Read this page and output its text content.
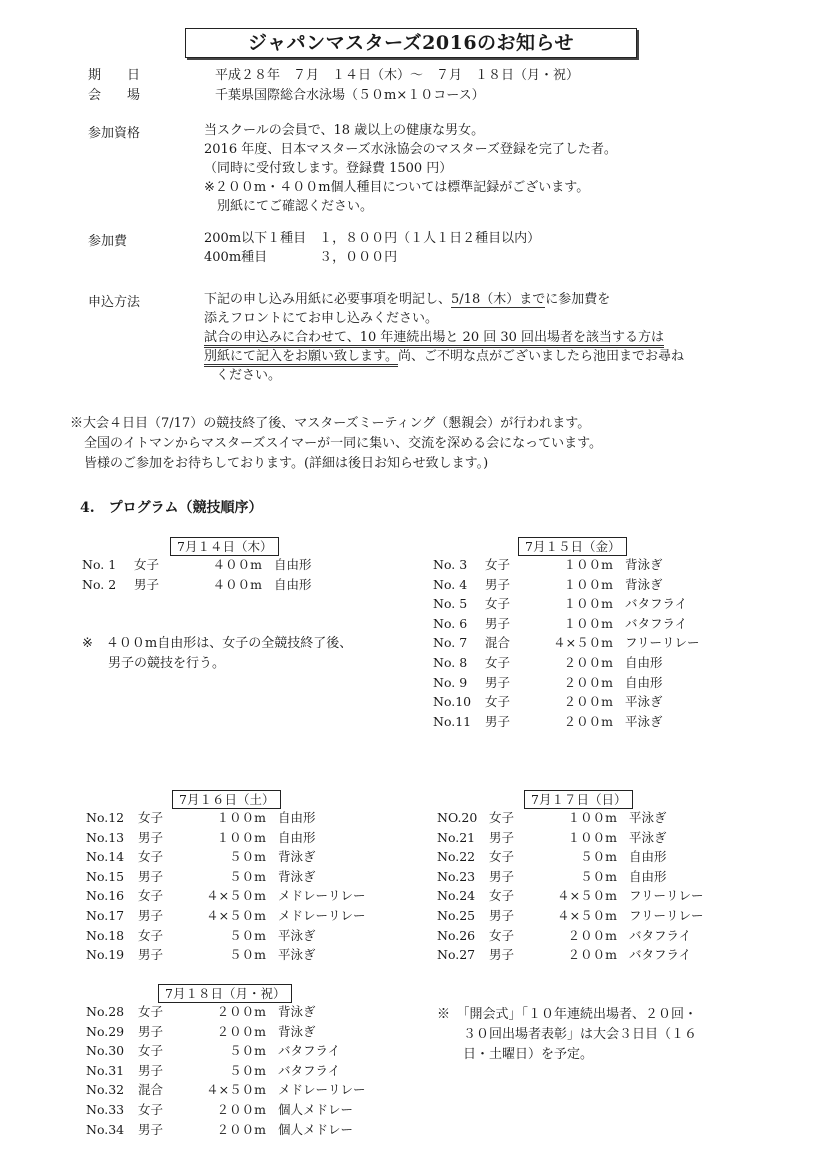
ジャパンマスターズ2016のお知らせ
期　　日	平成２８年　７月　１４日（木）～　７月　１８日（月・祝）
会　　場	千葉県国際総合水泳場（５０m×１０コース）
参加資格	当スクールの会員で、18 歳以上の健康な男女。
2016 年度、日本マスターズ水泳協会のマスターズ登録を完了した者。
（同時に受付致します。登録費 1500 円）
※２００m・４００m個人種目については標準記録がございます。
　別紙にてご確認ください。
参加費	200m以下１種目　１，８００円（１人１日２種目以内）
400m種目　　　　３，０００円
申込方法	下記の申し込み用紙に必要事項を明記し、5/18（木）までに参加費を
添えフロントにてお申し込みください。
試合の申込みに合わせて、10 年連続出場と 20 回 30 回出場者を該当する方は
別紙にて記入をお願い致します。尚、ご不明な点がございましたら池田までお尋ね
ください。
※大会４日目（7/17）の競技終了後、マスターズミーティング（懇親会）が行われます。
全国のイトマンからマスターズスイマーが一同に集い、交流を深める会になっています。
皆様のご参加をお待ちしております。(詳細は後日お知らせ致します。)
4.　プログラム（競技順序）
7月１４日（木）
No. 1	女子	４００m 自由形
No. 2	男子	４００m 自由形
※　４００m自由形は、女子の全競技終了後、
　　男子の競技を行う。
7月１５日（金）
No. 3	女子	１００m 背泳ぎ
No. 4	男子	１００m 背泳ぎ
No. 5	女子	１００m バタフライ
No. 6	男子	１００m バタフライ
No. 7	混合	４×５０m フリーリレー
No. 8	女子	２００m 自由形
No. 9	男子	２００m 自由形
No.10	女子	２００m 平泳ぎ
No.11	男子	２００m 平泳ぎ
7月１６日（土）
No.12	女子	１００m 自由形
No.13	男子	１００m 自由形
No.14	女子	５０m 背泳ぎ
No.15	男子	５０m 背泳ぎ
No.16	女子	４×５０m メドレーリレー
No.17	男子	４×５０m メドレーリレー
No.18	女子	５０m 平泳ぎ
No.19	男子	５０m 平泳ぎ
7月１７日（日）
NO.20 女子	１００m 平泳ぎ
No.21	男子	１００m 平泳ぎ
No.22	女子	５０m 自由形
No.23	男子	５０m 自由形
No.24	女子	４×５０m フリーリレー
No.25	男子	４×５０m フリーリレー
No.26	女子	２００m バタフライ
No.27	男子	２００m バタフライ
7月１８日（月・祝）
No.28	女子	２００m 背泳ぎ
No.29	男子	２００m 背泳ぎ
No.30	女子	５０m バタフライ
No.31	男子	５０m バタフライ
No.32	混合	４×５０m メドレーリレー
No.33	女子	２００m 個人メドレー
No.34	男子	２００m 個人メドレー
※　「開会式」「１０年連続出場者、２０回・
　　３０回出場者表彰」は大会３日目（１６
　　日・土曜日）を予定。
